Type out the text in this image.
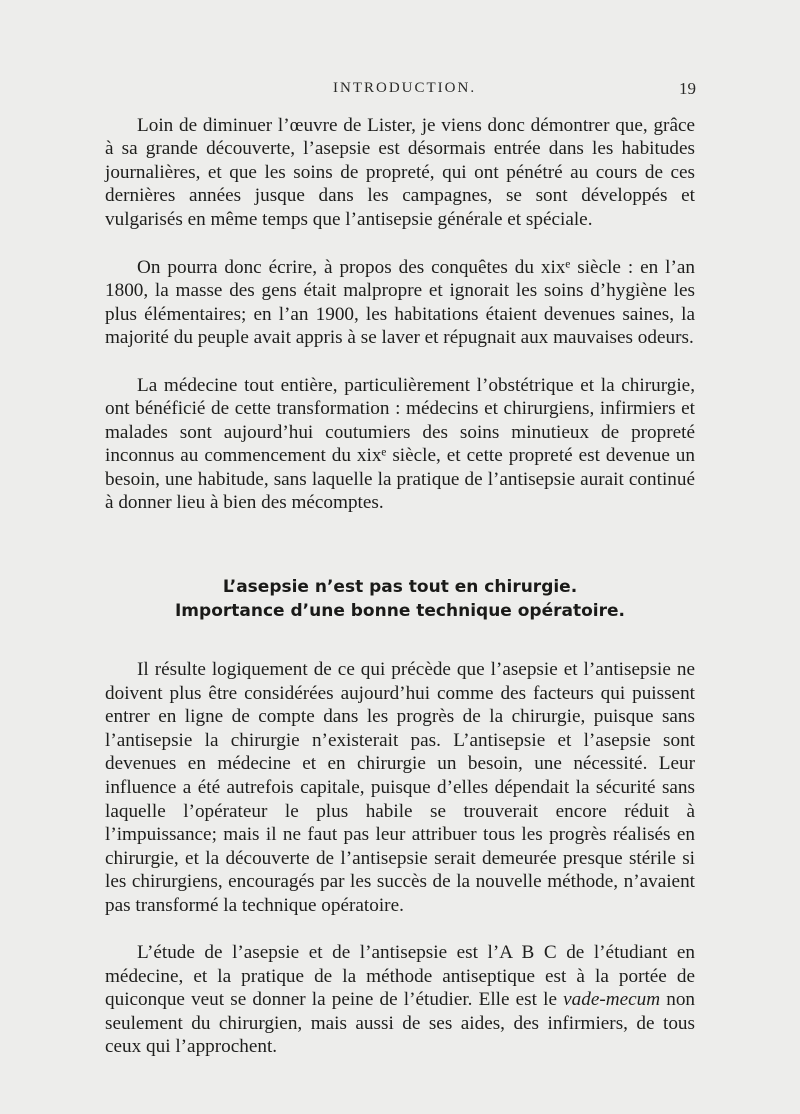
INTRODUCTION.	19

Loin de diminuer l’œuvre de Lister, je viens donc démontrer que, grâce à sa grande découverte, l’asepsie est désormais entrée dans les habitudes journalières, et que les soins de propreté, qui ont pénétré au cours de ces dernières années jusque dans les campagnes, se sont développés et vulgarisés en même temps que l’antisepsie générale et spéciale.

On pourra donc écrire, à propos des conquêtes du xixᵉ siècle : en l’an 1800, la masse des gens était malpropre et ignorait les soins d’hygiène les plus élémentaires; en l’an 1900, les habitations étaient devenues saines, la majorité du peuple avait appris à se laver et répugnait aux mauvaises odeurs.

La médecine tout entière, particulièrement l’obstétrique et la chirurgie, ont bénéficié de cette transformation : médecins et chirurgiens, infirmiers et malades sont aujourd’hui coutumiers des soins minutieux de propreté inconnus au commencement du xixᵉ siècle, et cette propreté est devenue un besoin, une habitude, sans laquelle la pratique de l’antisepsie aurait continué à donner lieu à bien des mécomptes.

L’asepsie n’est pas tout en chirurgie.
Importance d’une bonne technique opératoire.

Il résulte logiquement de ce qui précède que l’asepsie et l’antisepsie ne doivent plus être considérées aujourd’hui comme des facteurs qui puissent entrer en ligne de compte dans les progrès de la chirurgie, puisque sans l’antisepsie la chirurgie n’existerait pas. L’antisepsie et l’asepsie sont devenues en médecine et en chirurgie un besoin, une nécessité. Leur influence a été autrefois capitale, puisque d’elles dépendait la sécurité sans laquelle l’opérateur le plus habile se trouverait encore réduit à l’impuissance; mais il ne faut pas leur attribuer tous les progrès réalisés en chirurgie, et la découverte de l’antisepsie serait demeurée presque stérile si les chirurgiens, encouragés par les succès de la nouvelle méthode, n’avaient pas transformé la technique opératoire.

L’étude de l’asepsie et de l’antisepsie est l’A B C de l’étudiant en médecine, et la pratique de la méthode antiseptique est à la portée de quiconque veut se donner la peine de l’étudier. Elle est le vade-mecum non seulement du chirurgien, mais aussi de ses aides, des infirmiers, de tous ceux qui l’approchent.
